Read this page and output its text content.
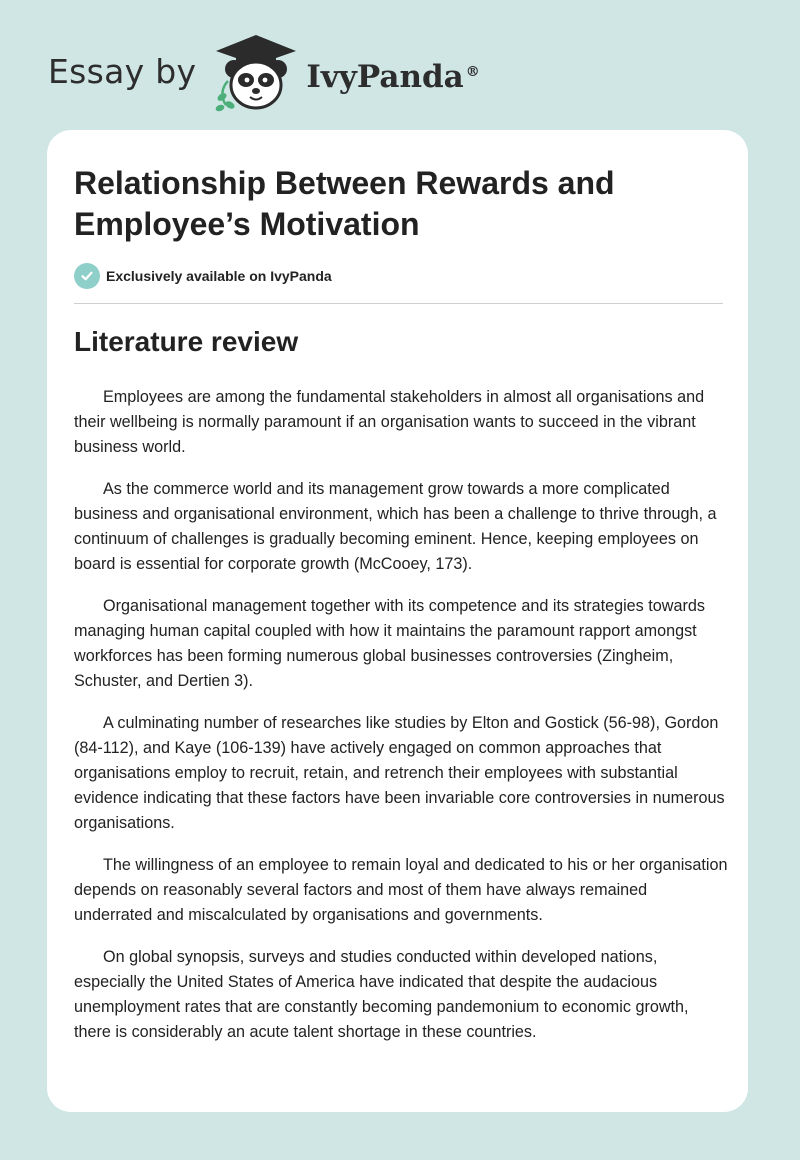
Essay by	IvyPanda ®
Relationship Between Rewards and Employee’s Motivation
Exclusively available on IvyPanda
Literature review

Employees are among the fundamental stakeholders in almost all organisations and their wellbeing is normally paramount if an organisation wants to succeed in the vibrant business world.

As the commerce world and its management grow towards a more complicated business and organisational environment, which has been a challenge to thrive through, a continuum of challenges is gradually becoming eminent. Hence, keeping employees on board is essential for corporate growth (McCooey, 173).

Organisational management together with its competence and its strategies towards managing human capital coupled with how it maintains the paramount rapport amongst workforces has been forming numerous global businesses controversies (Zingheim, Schuster, and Dertien 3).

A culminating number of researches like studies by Elton and Gostick (56-98), Gordon (84-112), and Kaye (106-139) have actively engaged on common approaches that organisations employ to recruit, retain, and retrench their employees with substantial evidence indicating that these factors have been invariable core controversies in numerous organisations.

The willingness of an employee to remain loyal and dedicated to his or her organisation depends on reasonably several factors and most of them have always remained underrated and miscalculated by organisations and governments.

On global synopsis, surveys and studies conducted within developed nations, especially the United States of America have indicated that despite the audacious unemployment rates that are constantly becoming pandemonium to economic growth, there is considerably an acute talent shortage in these countries.
